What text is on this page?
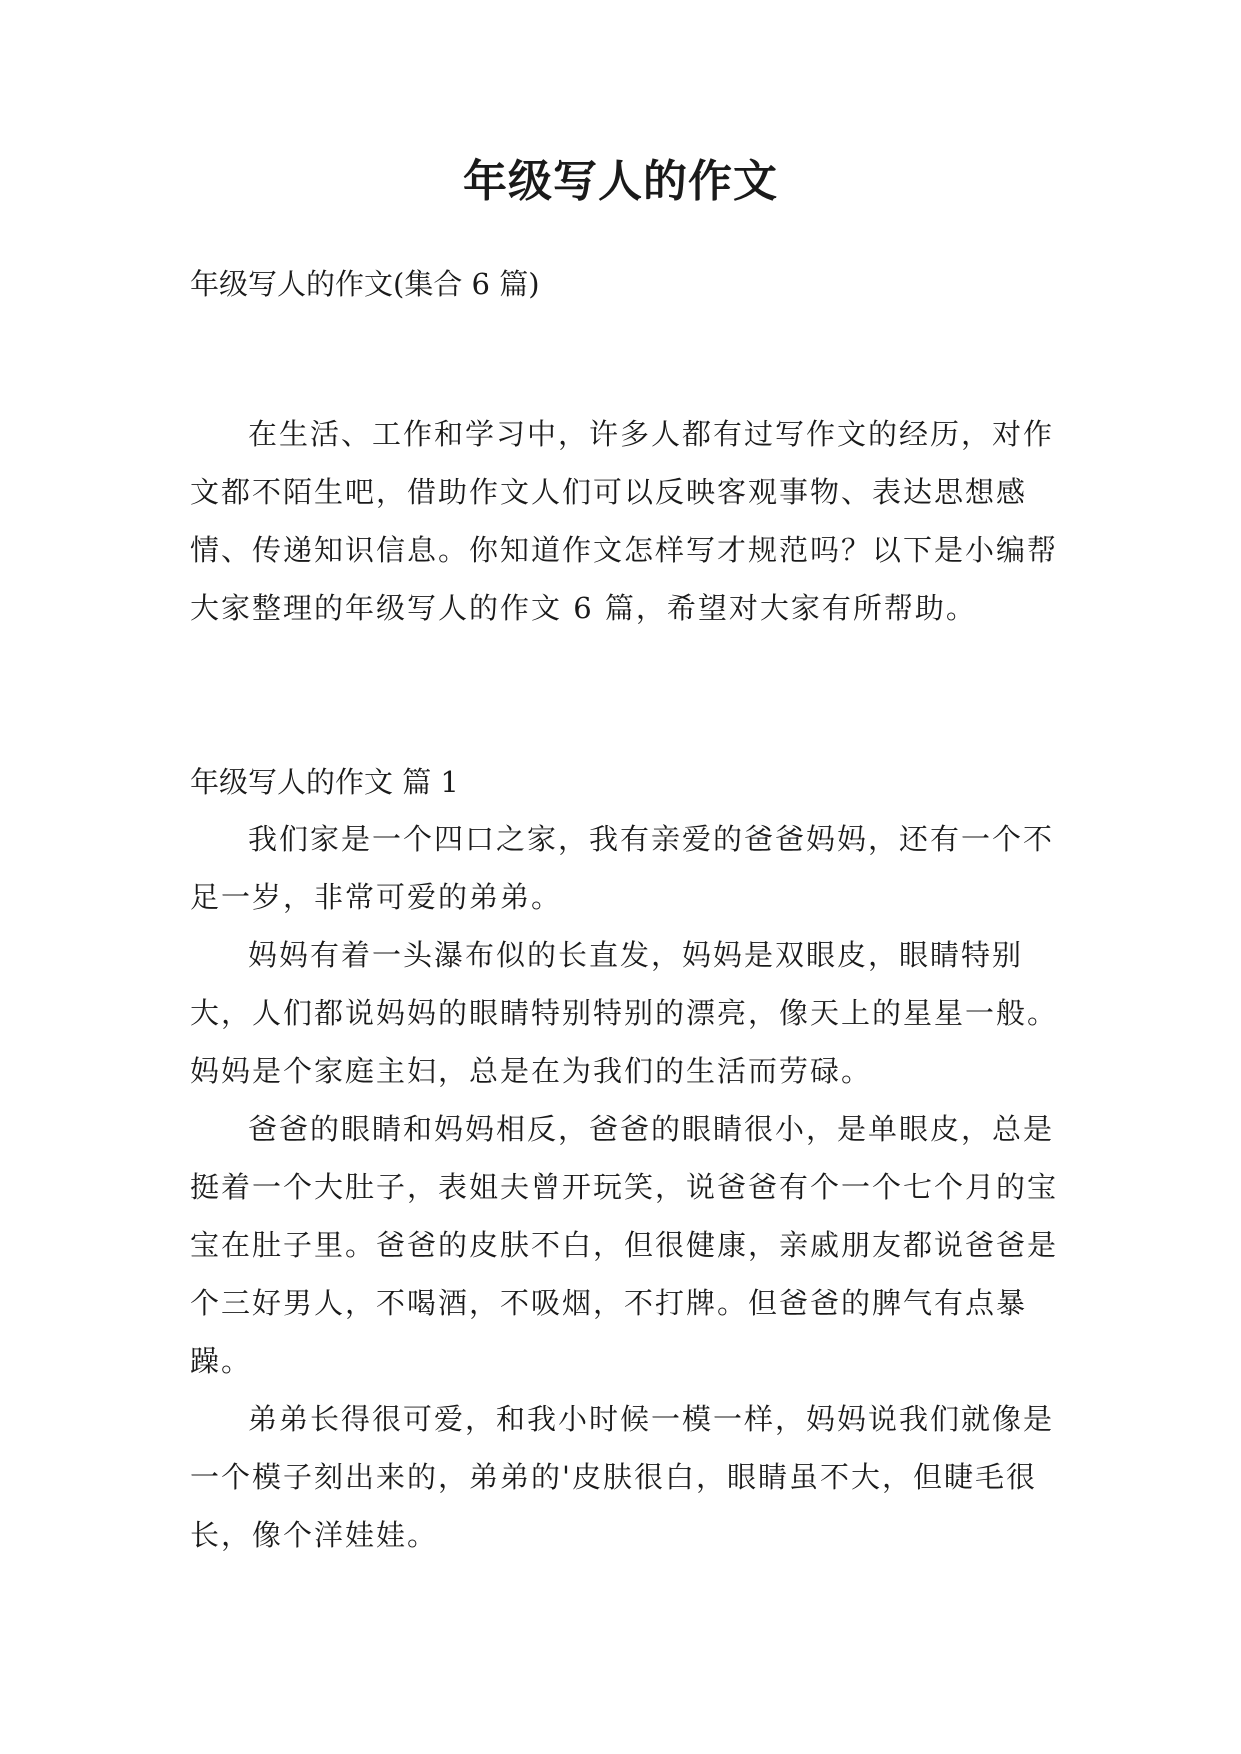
年级写人的作文
年级写人的作文(集合 6 篇)

在生活、工作和学习中，许多人都有过写作文的经历，对作文都不陌生吧，借助作文人们可以反映客观事物、表达思想感情、传递知识信息。你知道作文怎样写才规范吗？以下是小编帮大家整理的年级写人的作文 6 篇，希望对大家有所帮助。

年级写人的作文 篇 1

我们家是一个四口之家，我有亲爱的爸爸妈妈，还有一个不足一岁，非常可爱的弟弟。

妈妈有着一头瀑布似的长直发，妈妈是双眼皮，眼睛特别大，人们都说妈妈的眼睛特别特别的漂亮，像天上的星星一般。妈妈是个家庭主妇，总是在为我们的生活而劳碌。

爸爸的眼睛和妈妈相反，爸爸的眼睛很小，是单眼皮，总是挺着一个大肚子，表姐夫曾开玩笑，说爸爸有个一个七个月的宝宝在肚子里。爸爸的皮肤不白，但很健康，亲戚朋友都说爸爸是个三好男人，不喝酒，不吸烟，不打牌。但爸爸的脾气有点暴躁。

弟弟长得很可爱，和我小时候一模一样，妈妈说我们就像是一个模子刻出来的，弟弟的'皮肤很白，眼睛虽不大，但睫毛很长，像个洋娃娃。
